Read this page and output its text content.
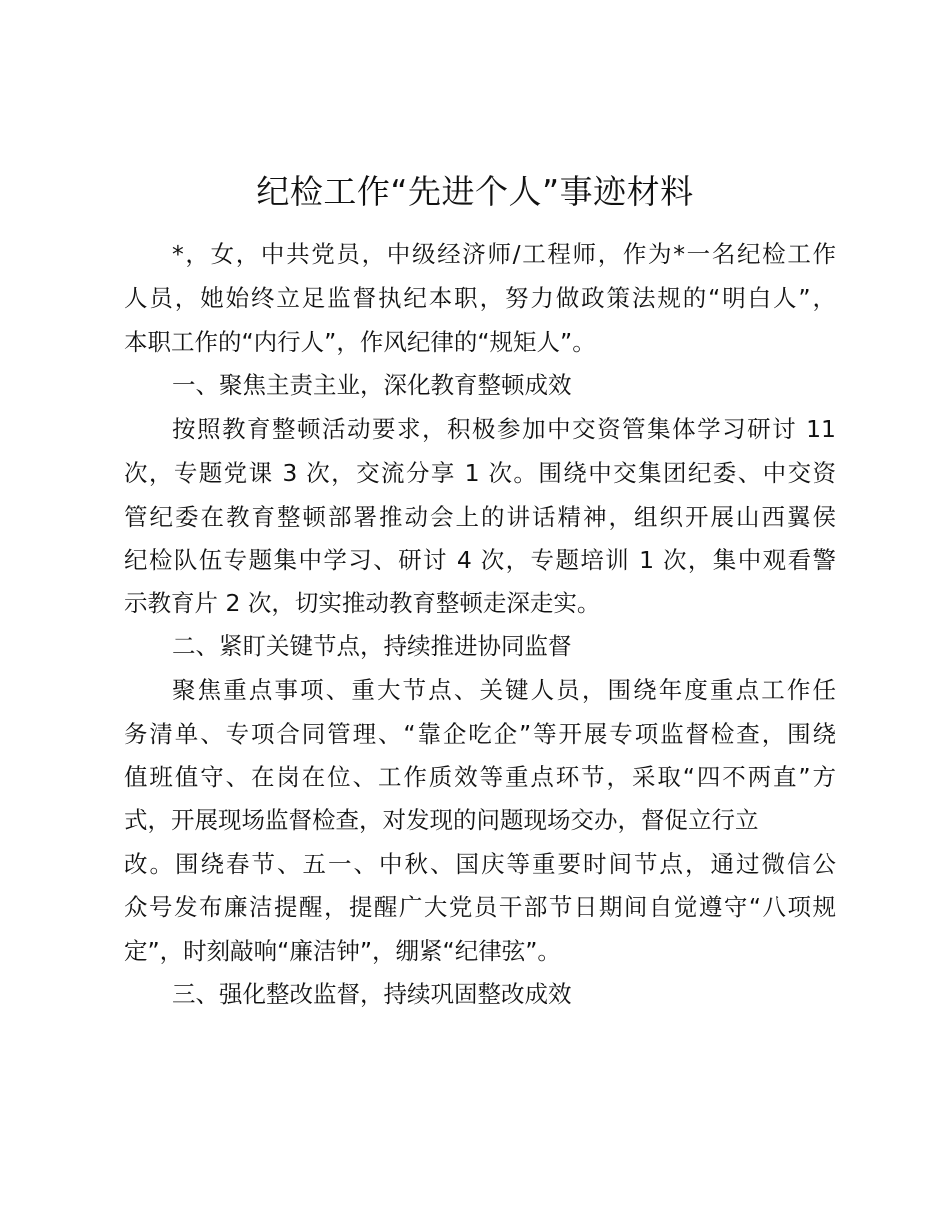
纪检工作“先进个人”事迹材料
*，女，中共党员，中级经济师/工程师，作为*一名纪检工作
人员，她始终立足监督执纪本职，努力做政策法规的“明白人”，
本职工作的“内行人”，作风纪律的“规矩人”。
一、聚焦主责主业，深化教育整顿成效
按照教育整顿活动要求，积极参加中交资管集体学习研讨 11
次，专题党课 3 次，交流分享 1 次。围绕中交集团纪委、中交资
管纪委在教育整顿部署推动会上的讲话精神，组织开展山西翼侯
纪检队伍专题集中学习、研讨 4 次，专题培训 1 次，集中观看警
示教育片 2 次，切实推动教育整顿走深走实。
二、紧盯关键节点，持续推进协同监督
聚焦重点事项、重大节点、关键人员，围绕年度重点工作任
务清单、专项合同管理、“靠企吃企”等开展专项监督检查，围绕
值班值守、在岗在位、工作质效等重点环节，采取“四不两直”方
式，开展现场监督检查，对发现的问题现场交办，督促立行立
改。围绕春节、五一、中秋、国庆等重要时间节点，通过微信公
众号发布廉洁提醒，提醒广大党员干部节日期间自觉遵守“八项规
定”，时刻敲响“廉洁钟”，绷紧“纪律弦”。
三、强化整改监督，持续巩固整改成效
